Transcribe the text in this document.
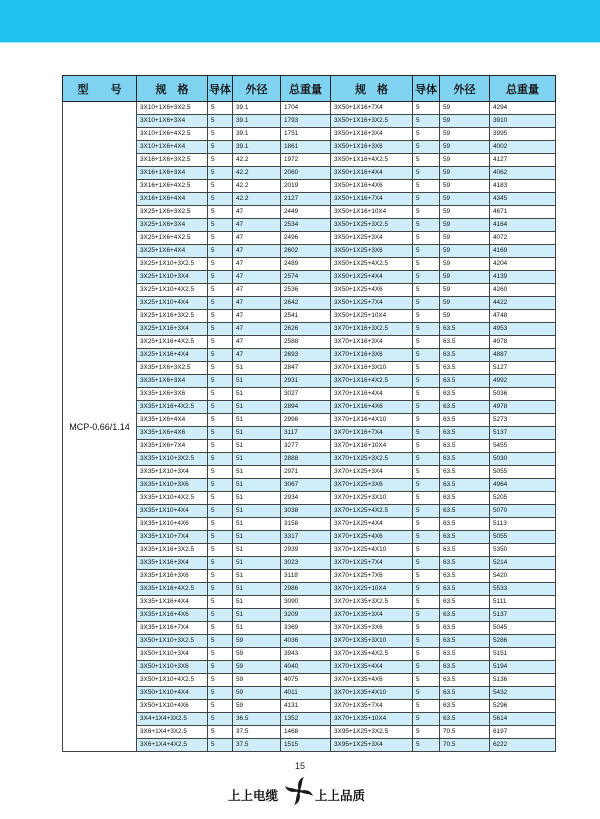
型　　号	规　格	导体	外径	总重量	规　格	导体	外径	总重量
MCP-0.66/1.14	3X10+1X6+3X2.5	5	39.1	1704	3X50+1X16+7X4	5	59	4294
	3X10+1X6+3X4	5	39.1	1793	3X50+1X16+3X2.5	5	59	3910
	3X10+1X6+4X2.5	5	39.1	1751	3X50+1X16+3X4	5	59	3995
	3X10+1X6+4X4	5	39.1	1861	3X50+1X16+3X6	5	59	4002
	3X16+1X6+3X2.5	5	42.2	1972	3X50+1X16+4X2.5	5	59	4127
	3X16+1X6+3X4	5	42.2	2060	3X50+1X16+4X4	5	59	4062
	3X16+1X6+4X2.5	5	42.2	2019	3X50+1X16+4X6	5	59	4183
	3X16+1X6+4X4	5	42.2	2127	3X50+1X16+7X4	5	59	4345
	3X25+1X6+3X2.5	5	47	2449	3X50+1X16+10X4	5	59	4671
	3X25+1X6+3X4	5	47	2534	3X50+1X25+3X2.5	5	59	4164
	3X25+1X6+4X2.5	5	47	2496	3X50+1X25+3X4	5	59	4072
	3X25+1X6+4X4	5	47	2602	3X50+1X25+3X6	5	59	4169
	3X25+1X10+3X2.5	5	47	2489	3X50+1X25+4X2.5	5	59	4204
	3X25+1X10+3X4	5	47	2574	3X50+1X25+4X4	5	59	4139
	3X25+1X10+4X2.5	5	47	2536	3X50+1X25+4X6	5	59	4260
	3X25+1X10+4X4	5	47	2642	3X50+1X25+7X4	5	59	4422
	3X25+1X16+3X2.5	5	47	2541	3X50+1X25+10X4	5	59	4748
	3X25+1X16+3X4	5	47	2626	3X70+1X16+3X2.5	5	63.5	4953
	3X25+1X16+4X2.5	5	47	2588	3X70+1X16+3X4	5	63.5	4978
	3X25+1X16+4X4	5	47	2693	3X70+1X16+3X6	5	63.5	4887
	3X35+1X6+3X2.5	5	51	2847	3X70+1X16+3X10	5	63.5	5127
	3X35+1X6+3X4	5	51	2931	3X70+1X16+4X2.5	5	63.5	4992
	3X35+1X6+3X6	5	51	3027	3X70+1X16+4X4	5	63.5	5036
	3X35+1X16+4X2.5	5	51	2894	3X70+1X16+4X6	5	63.5	4978
	3X35+1X6+4X4	5	51	2998	3X70+1X16+4X10	5	63.5	5273
	3X35+1X6+4X6	5	51	3117	3X70+1X16+7X4	5	63.5	5137
	3X35+1X6+7X4	5	51	3277	3X70+1X16+10X4	5	63.5	5455
	3X35+1X10+3X2.5	5	51	2888	3X70+1X25+3X2.5	5	63.5	5030
	3X35+1X10+3X4	5	51	2971	3X70+1X25+3X4	5	63.5	5055
	3X35+1X10+3X6	5	51	3067	3X70+1X25+3X6	5	63.5	4964
	3X35+1X10+4X2.5	5	51	2934	3X70+1X25+3X10	5	63.5	5205
	3X35+1X10+4X4	5	51	3038	3X70+1X25+4X2.5	5	63.5	5070
	3X35+1X10+4X6	5	51	3158	3X70+1X25+4X4	5	63.5	5113
	3X35+1X10+7X4	5	51	3317	3X70+1X25+4X6	5	63.5	5055
	3X35+1X16+3X2.5	5	51	2939	3X70+1X25+4X10	5	63.5	5350
	3X35+1X16+3X4	5	51	3023	3X70+1X25+7X4	5	63.5	5214
	3X35+1X16+3X6	5	51	3118	3X70+1X25+7X6	5	63.5	5420
	3X35+1X16+4X2.5	5	51	2986	3X70+1X25+10X4	5	63.5	5533
	3X35+1X16+4X4	5	51	3090	3X70+1X35+3X2.5	5	63.5	5111
	3X35+1X16+4X6	5	51	3209	3X70+1X35+3X4	5	63.5	5137
	3X35+1X16+7X4	5	51	3369	3X70+1X35+3X6	5	63.5	5045
	3X50+1X10+3X2.5	5	59	4036	3X70+1X35+3X10	5	63.5	5286
	3X50+1X10+3X4	5	59	3943	3X70+1X35+4X2.5	5	63.5	5151
	3X50+1X10+3X6	5	59	4040	3X70+1X35+4X4	5	63.5	5194
	3X50+1X10+4X2.5	5	59	4075	3X70+1X35+4X6	5	63.5	5136
	3X50+1X10+4X4	5	59	4011	3X70+1X35+4X10	5	63.5	5432
	3X50+1X10+4X6	5	59	4131	3X70+1X35+7X4	5	63.5	5296
	3X4+1X4+3X2.5	5	36.5	1352	3X70+1X35+10X4	5	63.5	5614
	3X6+1X4+3X2.5	5	37.5	1468	3X95+1X25+3X2.5	5	70.5	6197
	3X6+1X4+4X2.5	5	37.5	1515	3X95+1X25+3X4	5	70.5	6222
15
上上电缆	上上品质
